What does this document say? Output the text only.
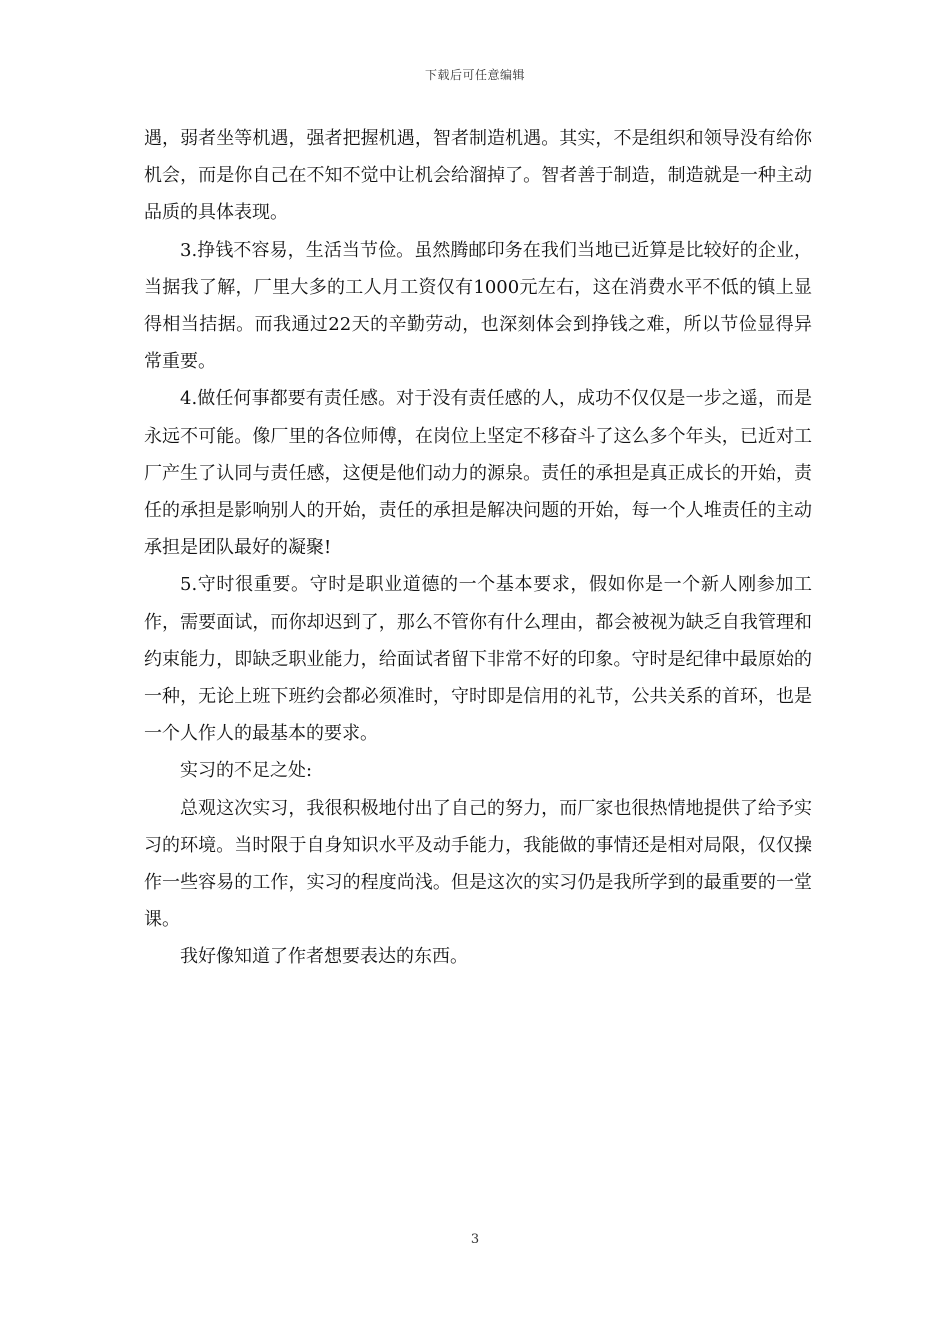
下载后可任意编辑

遇，弱者坐等机遇，强者把握机遇，智者制造机遇。其实，不是组织和领导没有给你机会，而是你自己在不知不觉中让机会给溜掉了。智者善于制造，制造就是一种主动品质的具体表现。

3.挣钱不容易，生活当节俭。虽然腾邮印务在我们当地已近算是比较好的企业，当据我了解，厂里大多的工人月工资仅有1000元左右，这在消费水平不低的镇上显得相当拮据。而我通过22天的辛勤劳动，也深刻体会到挣钱之难，所以节俭显得异常重要。

4.做任何事都要有责任感。对于没有责任感的人，成功不仅仅是一步之遥，而是永远不可能。像厂里的各位师傅，在岗位上坚定不移奋斗了这么多个年头，已近对工厂产生了认同与责任感，这便是他们动力的源泉。责任的承担是真正成长的开始，责任的承担是影响别人的开始，责任的承担是解决问题的开始，每一个人堆责任的主动承担是团队最好的凝聚!

5.守时很重要。守时是职业道德的一个基本要求，假如你是一个新人刚参加工作，需要面试，而你却迟到了，那么不管你有什么理由，都会被视为缺乏自我管理和约束能力，即缺乏职业能力，给面试者留下非常不好的印象。守时是纪律中最原始的一种，无论上班下班约会都必须准时，守时即是信用的礼节，公共关系的首环，也是一个人作人的最基本的要求。

实习的不足之处:

总观这次实习，我很积极地付出了自己的努力，而厂家也很热情地提供了给予实习的环境。当时限于自身知识水平及动手能力，我能做的事情还是相对局限，仅仅操作一些容易的工作，实习的程度尚浅。但是这次的实习仍是我所学到的最重要的一堂课。

我好像知道了作者想要表达的东西。

3
